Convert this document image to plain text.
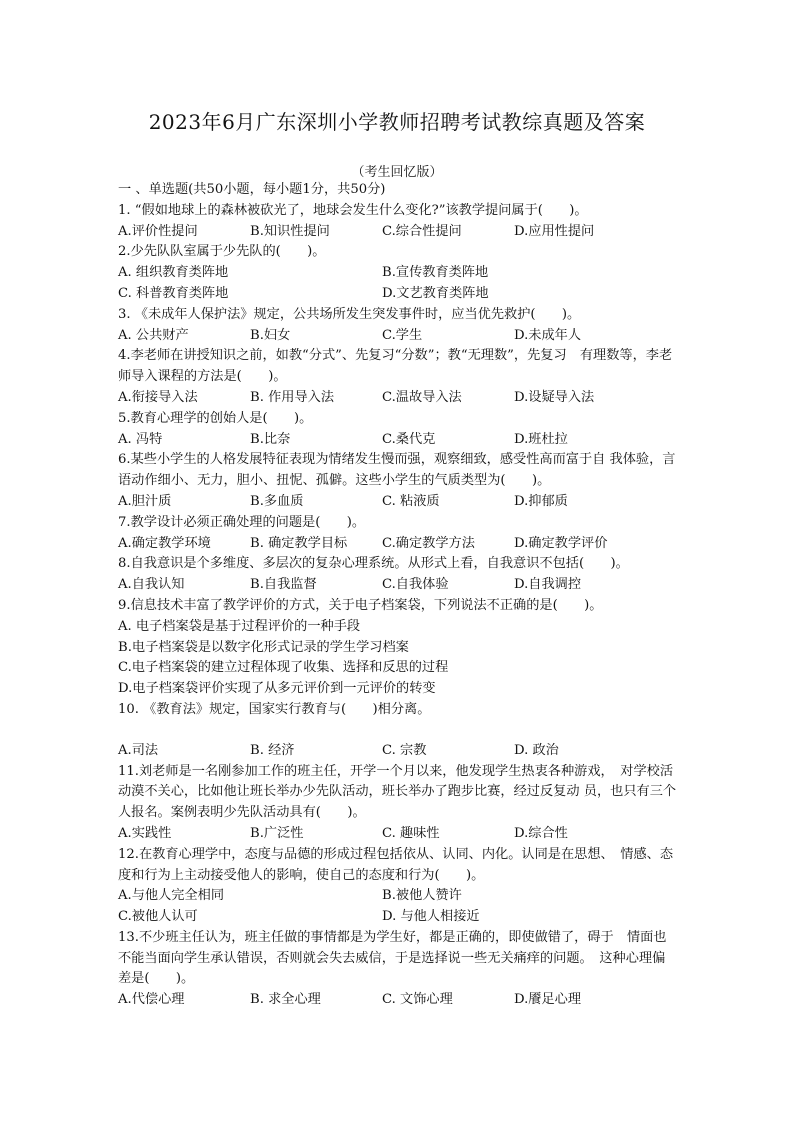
2023年6月广东深圳小学教师招聘考试教综真题及答案
（考生回忆版）
一 、单选题(共50小题，每小题1分，共50分)
1. “假如地球上的森林被砍光了，地球会发生什么变化?”该教学提问属于(　　)。
A.评价性提问	B.知识性提问	C.综合性提问	D.应用性提问
2.少先队队室属于少先队的(　　)。
A. 组织教育类阵地	B.宣传教育类阵地
C. 科普教育类阵地	D.文艺教育类阵地
3. 《未成年人保护法》规定，公共场所发生突发事件时，应当优先救护(　　)。
A. 公共财产	B.妇女	C.学生	D.未成年人
4.李老师在讲授知识之前，如教“分式”、先复习“分数”；教“无理数”，先复习　有理数等，李老师导入课程的方法是(　　)。
A.衔接导入法	B. 作用导入法	C.温故导入法	D.设疑导入法
5.教育心理学的创始人是(　　)。
A. 冯特	B.比奈	C.桑代克	D.班杜拉
6.某些小学生的人格发展特征表现为情绪发生慢而强，观察细致，感受性高而富于自 我体验，言语动作细小、无力，胆小、扭怩、孤僻。这些小学生的气质类型为(　　)。
A.胆汁质	B.多血质	C. 粘液质	D.抑郁质
7.教学设计必须正确处理的问题是(　　)。
A.确定教学环境	B. 确定教学目标	C.确定教学方法	D.确定教学评价
8.自我意识是个多维度、多层次的复杂心理系统。从形式上看，自我意识不包括(　　)。
A.自我认知	B.自我监督	C.自我体验	D.自我调控
9.信息技术丰富了教学评价的方式，关于电子档案袋，下列说法不正确的是(　　)。
A. 电子档案袋是基于过程评价的一种手段
B.电子档案袋是以数字化形式记录的学生学习档案
C.电子档案袋的建立过程体现了收集、选择和反思的过程
D.电子档案袋评价实现了从多元评价到一元评价的转变
10. 《教育法》规定，国家实行教育与(　　)相分离。
A.司法	B. 经济	C. 宗教	D. 政治
11.刘老师是一名刚参加工作的班主任，开学一个月以来，他发现学生热衷各种游戏，　对学校活动漠不关心，比如他让班长举办少先队活动，班长举办了跑步比赛，经过反复动 员，也只有三个人报名。案例表明少先队活动具有(　　)。
A.实践性	B.广泛性	C. 趣味性	D.综合性
12.在教育心理学中，态度与品德的形成过程包括依从、认同、内化。认同是在思想、　情感、态度和行为上主动接受他人的影响，使自己的态度和行为(　　)。
A.与他人完全相同	B.被他人赞许
C.被他人认可	D. 与他人相接近
13.不少班主任认为，班主任做的事情都是为学生好，都是正确的，即使做错了，碍于　情面也不能当面向学生承认错误，否则就会失去威信，于是选择说一些无关痛痒的问题。　这种心理偏差是(　　)。
A.代偿心理	B. 求全心理	C. 文饰心理	D.餍足心理
